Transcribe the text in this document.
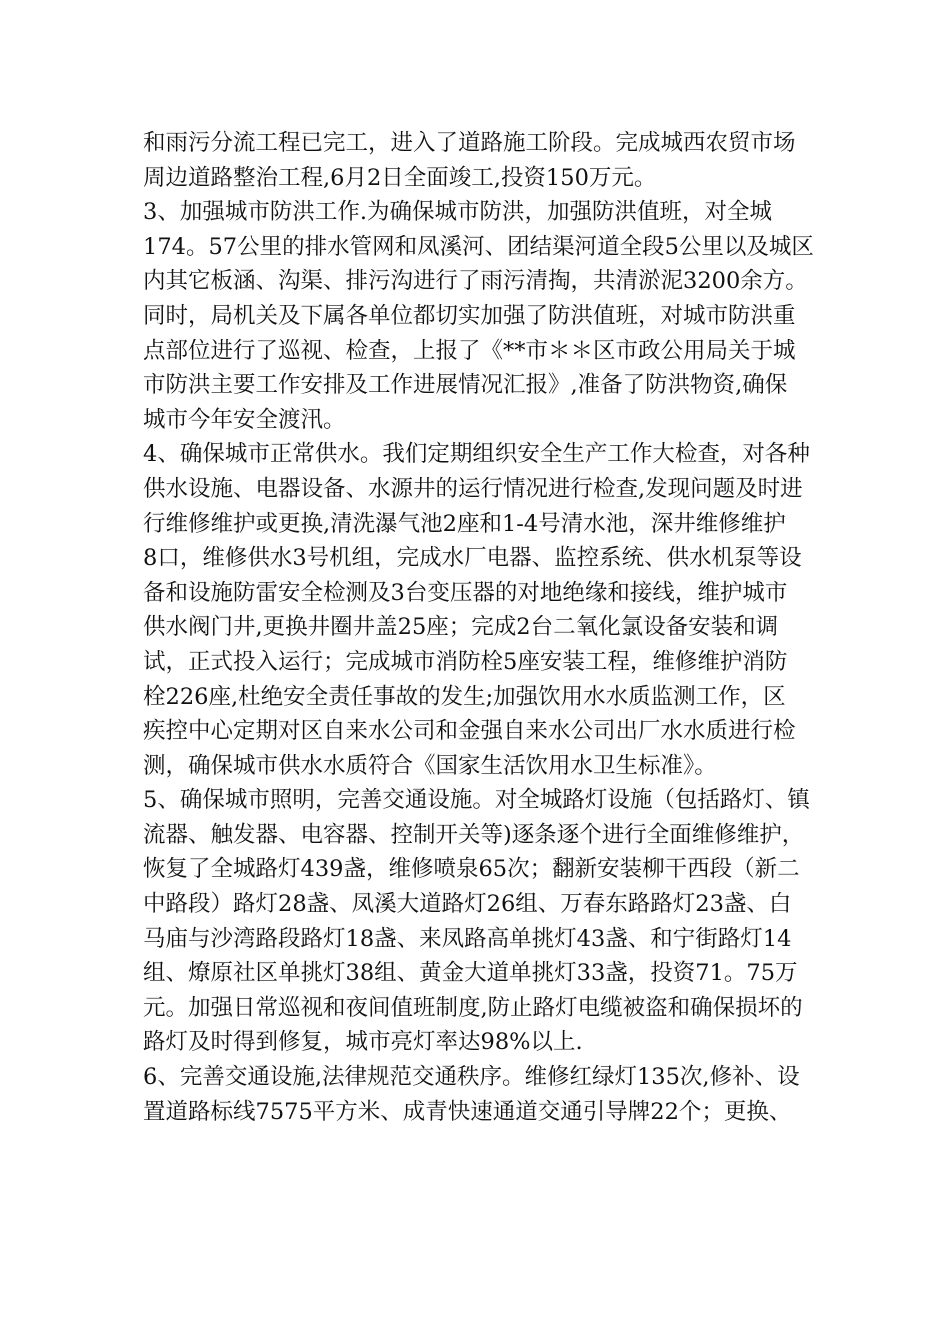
和雨污分流工程已完工，进入了道路施工阶段。完成城西农贸市场
周边道路整治工程,6月2日全面竣工,投资150万元。
3、加强城市防洪工作.为确保城市防洪，加强防洪值班，对全城
174。57公里的排水管网和凤溪河、团结渠河道全段5公里以及城区
内其它板涵、沟渠、排污沟进行了雨污清掏，共清淤泥3200余方。
同时，局机关及下属各单位都切实加强了防洪值班，对城市防洪重
点部位进行了巡视、检查，上报了《**市＊＊区市政公用局关于城
市防洪主要工作安排及工作进展情况汇报》,准备了防洪物资,确保
城市今年安全渡汛。
4、确保城市正常供水。我们定期组织安全生产工作大检查，对各种
供水设施、电器设备、水源井的运行情况进行检查,发现问题及时进
行维修维护或更换,清洗瀑气池2座和1-4号清水池，深井维修维护
8口，维修供水3号机组，完成水厂电器、监控系统、供水机泵等设
备和设施防雷安全检测及3台变压器的对地绝缘和接线，维护城市
供水阀门井,更换井圈井盖25座；完成2台二氧化氯设备安装和调
试，正式投入运行；完成城市消防栓5座安装工程，维修维护消防
栓226座,杜绝安全责任事故的发生;加强饮用水水质监测工作，区
疾控中心定期对区自来水公司和金强自来水公司出厂水水质进行检
测，确保城市供水水质符合《国家生活饮用水卫生标准》。
5、确保城市照明，完善交通设施。对全城路灯设施（包括路灯、镇
流器、触发器、电容器、控制开关等)逐条逐个进行全面维修维护，
恢复了全城路灯439盏，维修喷泉65次；翻新安装柳干西段（新二
中路段）路灯28盏、凤溪大道路灯26组、万春东路路灯23盏、白
马庙与沙湾路段路灯18盏、来凤路高单挑灯43盏、和宁街路灯14
组、燎原社区单挑灯38组、黄金大道单挑灯33盏，投资71。75万
元。加强日常巡视和夜间值班制度,防止路灯电缆被盗和确保损坏的
路灯及时得到修复，城市亮灯率达98%以上.
6、完善交通设施,法律规范交通秩序。维修红绿灯135次,修补、设
置道路标线7575平方米、成青快速通道交通引导牌22个；更换、
